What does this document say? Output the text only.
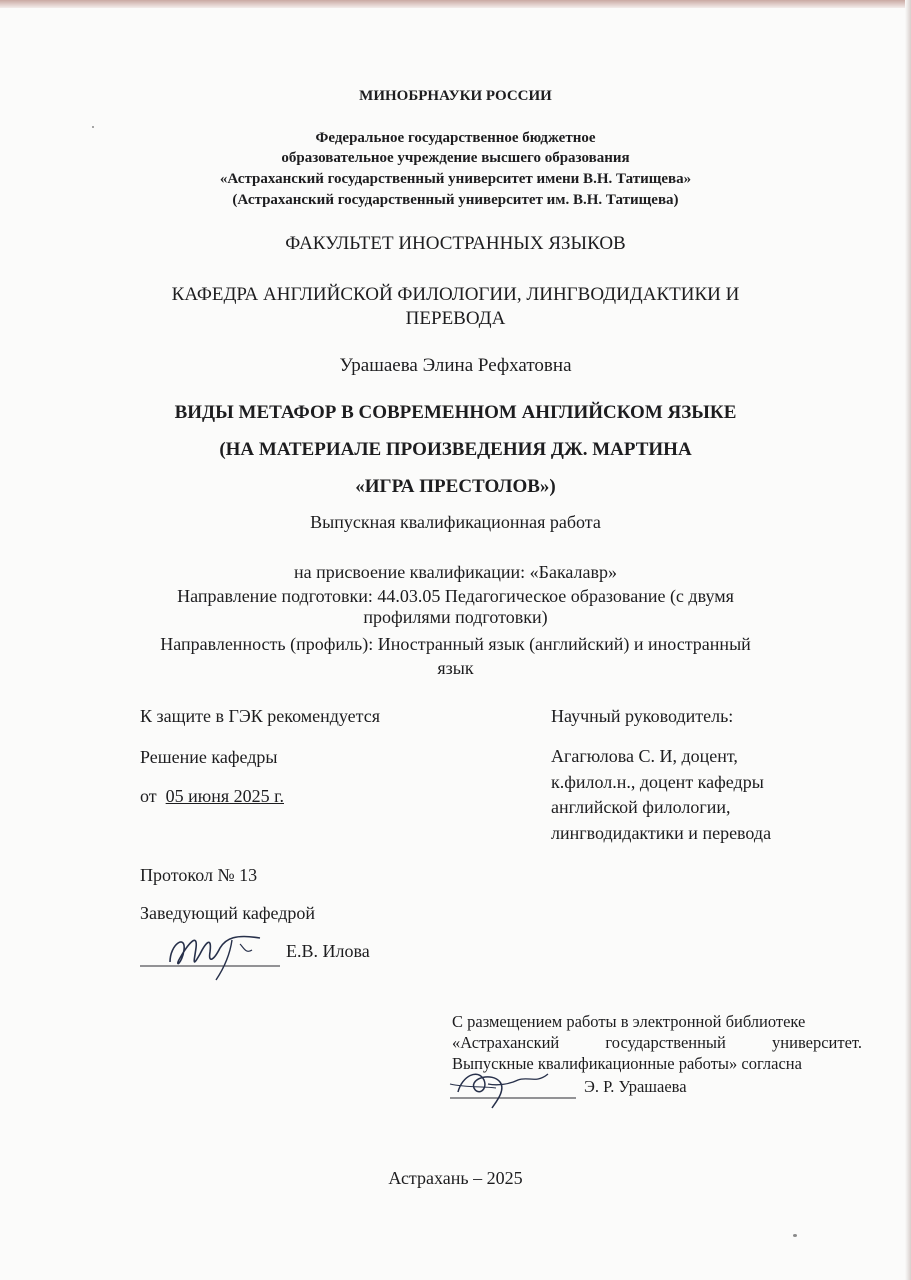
МИНОБРНАУКИ РОССИИ
Федеральное государственное бюджетное
образовательное учреждение высшего образования
«Астраханский государственный университет имени В.Н. Татищева»
(Астраханский государственный университет им. В.Н. Татищева)
ФАКУЛЬТЕТ ИНОСТРАННЫХ ЯЗЫКОВ
КАФЕДРА АНГЛИЙСКОЙ ФИЛОЛОГИИ, ЛИНГВОДИДАКТИКИ И
ПЕРЕВОДА
Урашаева Элина Рефхатовна
ВИДЫ МЕТАФОР В СОВРЕМЕННОМ АНГЛИЙСКОМ ЯЗЫКЕ
(НА МАТЕРИАЛЕ ПРОИЗВЕДЕНИЯ ДЖ. МАРТИНА
«ИГРА ПРЕСТОЛОВ»)
Выпускная квалификационная работа
на присвоение квалификации: «Бакалавр»
Направление подготовки: 44.03.05 Педагогическое образование (с двумя
профилями подготовки)
Направленность (профиль): Иностранный язык (английский) и иностранный
язык
К защите в ГЭК рекомендуется
Решение кафедры
от 05 июня 2025 г.
Протокол № 13
Заведующий кафедрой
Е.В. Илова
Научный руководитель:
Агагюлова С. И, доцент,
к.филол.н., доцент кафедры
английской филологии,
лингводидактики и перевода
С размещением работы в электронной библиотеке
«Астраханский	государственный	университет.
Выпускные квалификационные работы» согласна
Э. Р. Урашаева
Астрахань – 2025
